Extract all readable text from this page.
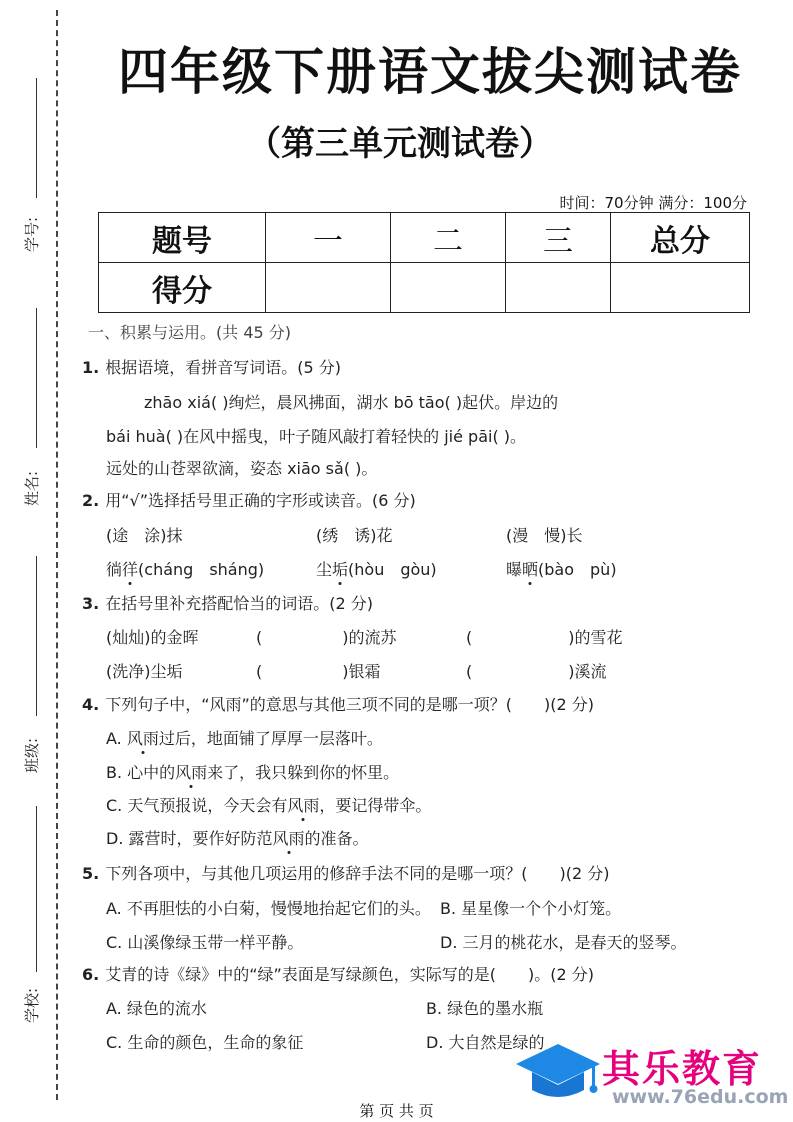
学号:
姓名:
班级:
学校:
四年级下册语文拔尖测试卷
（第三单元测试卷）
时间：70分钟 满分：100分
题号	一	二	三	总分
得分				
一、积累与运用。(共 45 分)
1. 根据语境，看拼音写词语。(5 分)
zhāo xiá( )绚烂，晨风拂面，湖水 bō tāo( )起伏。岸边的
bái huà( )在风中摇曳，叶子随风敲打着轻快的 jié pāi( )。
远处的山苍翠欲滴，姿态 xiāo sǎ( )。
2. 用“√”选择括号里正确的字形或读音。(6 分)
(途　涂)抹	(绣　诱)花	(漫　慢)长
徜徉(cháng　sháng)	尘垢(hòu　gòu)	曝晒(bào　pù)
3. 在括号里补充搭配恰当的词语。(2 分)
(灿灿)的金晖	(　　　　　)的流苏	(　　　　　　)的雪花
(洗净)尘垢	(　　　　　)银霜	(　　　　　　)溪流
4. 下列句子中，“风雨”的意思与其他三项不同的是哪一项？(　　)(2 分)
A. 风雨过后，地面铺了厚厚一层落叶。
B. 心中的风雨来了，我只躲到你的怀里。
C. 天气预报说，今天会有风雨，要记得带伞。
D. 露营时，要作好防范风雨的准备。
5. 下列各项中，与其他几项运用的修辞手法不同的是哪一项？(　　)(2 分)
A. 不再胆怯的小白菊，慢慢地抬起它们的头。 B. 星星像一个个小灯笼。
C. 山溪像绿玉带一样平静。	D. 三月的桃花水，是春天的竖琴。
6. 艾青的诗《绿》中的“绿”表面是写绿颜色，实际写的是(　　)。(2 分)
A. 绿色的流水	B. 绿色的墨水瓶
C. 生命的颜色，生命的象征	D. 大自然是绿的
第 页 共 页
其乐教育
www.76edu.com
